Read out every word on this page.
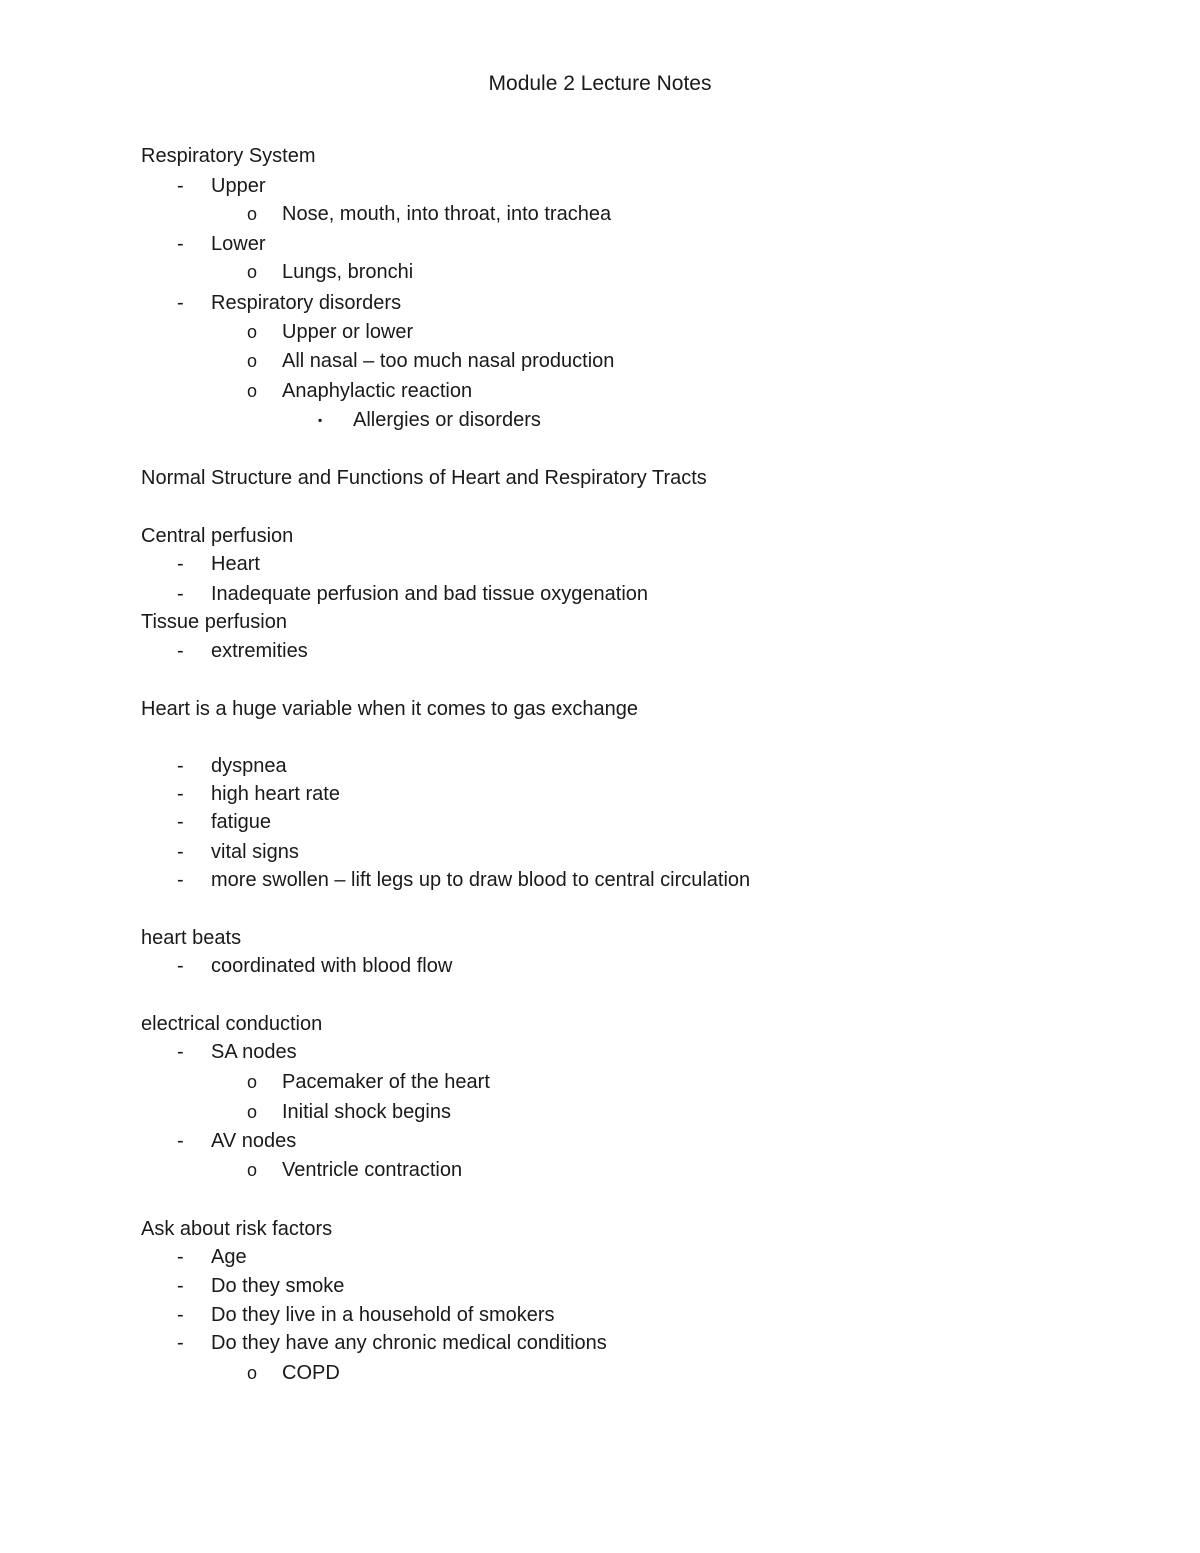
Module 2 Lecture Notes
Respiratory System
- Upper
o Nose, mouth, into throat, into trachea
- Lower
o Lungs, bronchi
- Respiratory disorders
o Upper or lower
o All nasal – too much nasal production
o Anaphylactic reaction
▪ Allergies or disorders
Normal Structure and Functions of Heart and Respiratory Tracts
Central perfusion
- Heart
- Inadequate perfusion and bad tissue oxygenation
Tissue perfusion
- extremities
Heart is a huge variable when it comes to gas exchange
- dyspnea
- high heart rate
- fatigue
- vital signs
- more swollen – lift legs up to draw blood to central circulation
heart beats
- coordinated with blood flow
electrical conduction
- SA nodes
o Pacemaker of the heart
o Initial shock begins
- AV nodes
o Ventricle contraction
Ask about risk factors
- Age
- Do they smoke
- Do they live in a household of smokers
- Do they have any chronic medical conditions
o COPD
